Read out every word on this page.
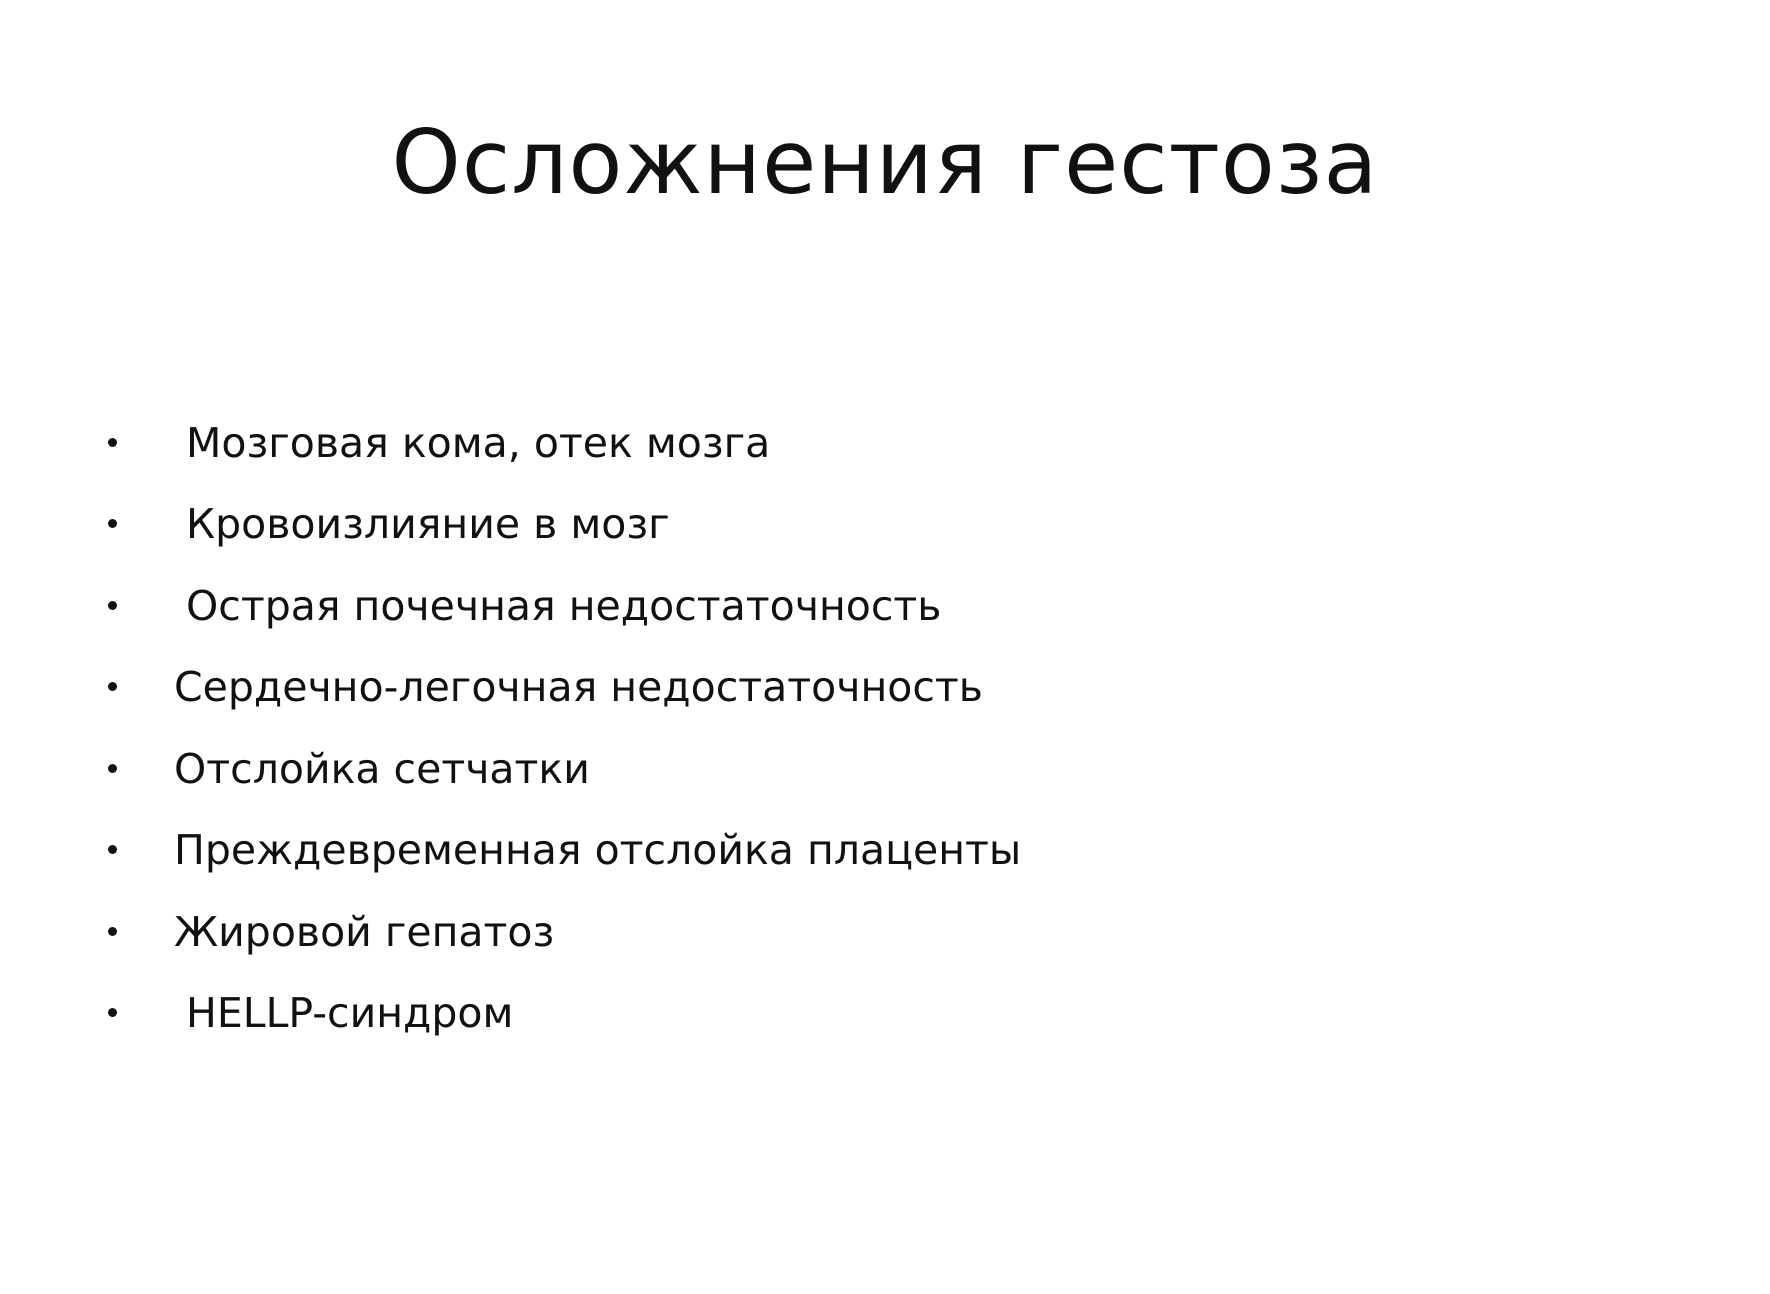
Осложнения гестоза
Мозговая кома, отек мозга
Кровоизлияние в мозг
Острая почечная недостаточность
Сердечно-легочная недостаточность
Отслойка сетчатки
Преждевременная отслойка плаценты
Жировой гепатоз
HELLP-синдром
